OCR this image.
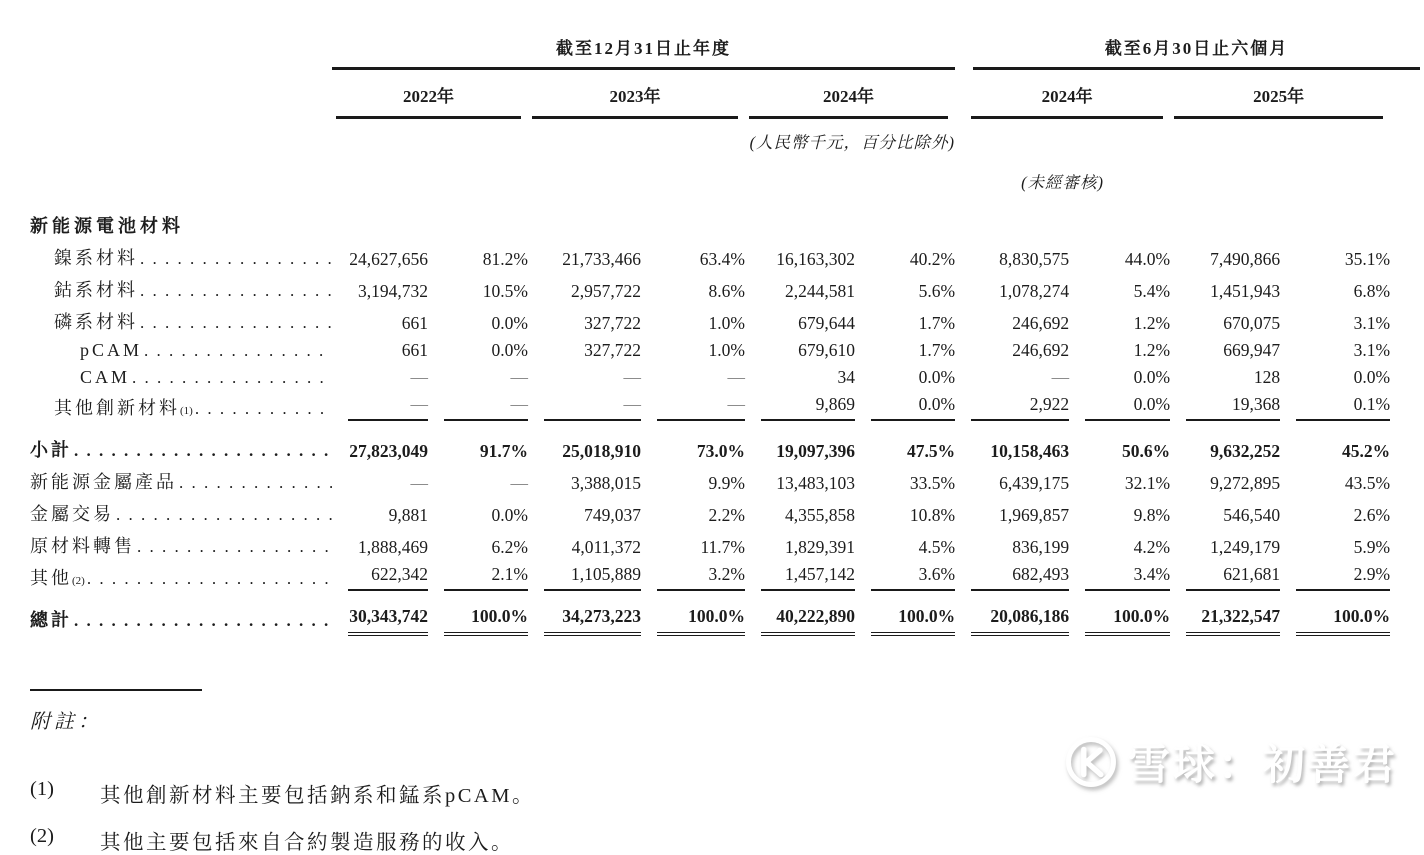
	截至12月31日止年度						截至6月30日止六個月			

	2022年		2023年		2024年		2024年		2025年	

	(人民幣千元，百分比除外)									

							(未經審核)			

新能源電池材料										

鎳系材料
. . .	24,627,656	81.2%	21,733,466	63.4%	16,163,302	40.2%	8,830,575	44.0%	7,490,866	35.1%

鈷系材料
. . .	3,194,732	10.5%	2,957,722	8.6%	2,244,581	5.6%	1,078,274	5.4%	1,451,943	6.8%

磷系材料
. . .	661	0.0%	327,722	1.0%	679,644	1.7%	246,692	1.2%	670,075	3.1%

pCAM
. . .	661	0.0%	327,722	1.0%	679,610	1.7%	246,692	1.2%	669,947	3.1%

CAM
. . .	—	—	—	—	34	0.0%	—	0.0%	128	0.0%

其他創新材料$_{(1)}$
. . .	—	—	—	—	9,869	0.0%	2,922	0.0%	19,368	0.1%

小計
. . .	27,823,049	91.7%	25,018,910	73.0%	19,097,396	47.5%	10,158,463	50.6%	9,632,252	45.2%

新能源金屬產品
. . .	—	—	3,388,015	9.9%	13,483,103	33.5%	6,439,175	32.1%	9,272,895	43.5%

金屬交易
. . .	9,881	0.0%	749,037	2.2%	4,355,858	10.8%	1,969,857	9.8%	546,540	2.6%

原材料轉售
. . .	1,888,469	6.2%	4,011,372	11.7%	1,829,391	4.5%	836,199	4.2%	1,249,179	5.9%

其他$_{(2)}$
. . .	622,342	2.1%	1,105,889	3.2%	1,457,142	3.6%	682,493	3.4%	621,681	2.9%

總計
. . .	30,343,742	100.0%	34,273,223	100.0%	40,222,890	100.0%	20,086,186	100.0%	21,322,547	100.0%
附註：
(1)	其他創新材料主要包括鈉系和錳系pCAM。
(2)	其他主要包括來自合約製造服務的收入。
雪球：初善君
